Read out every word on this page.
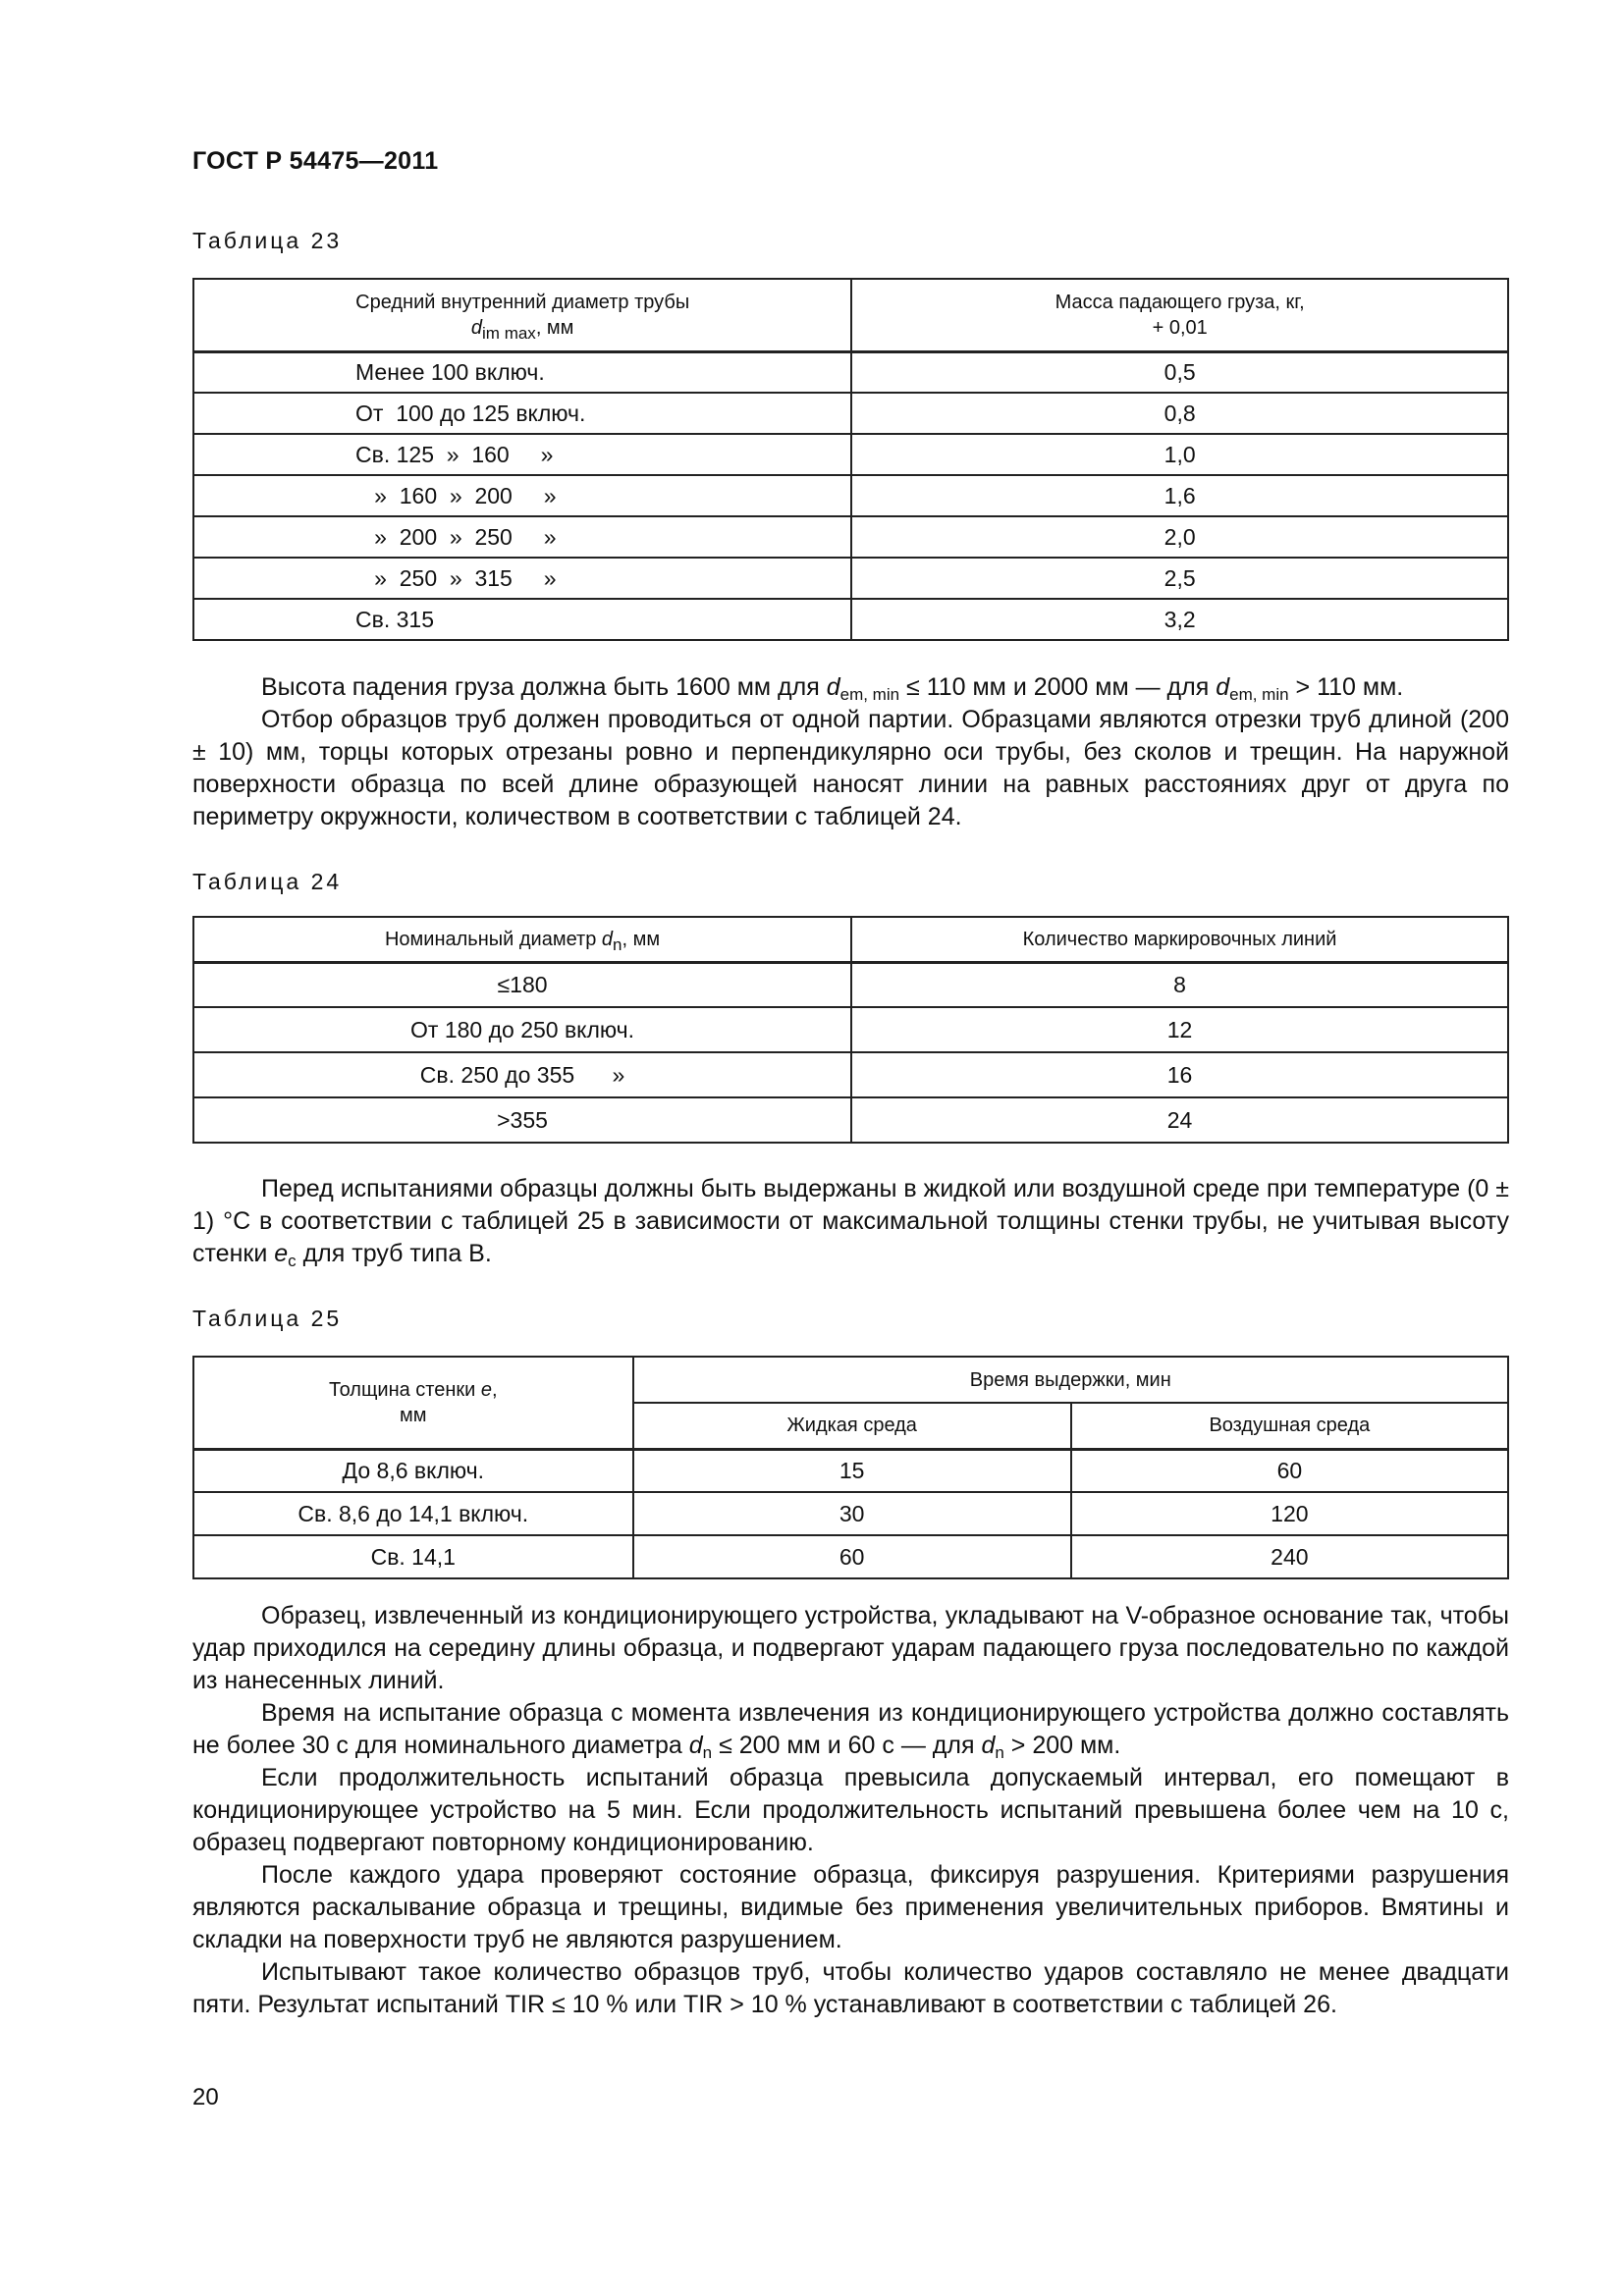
ГОСТ Р 54475—2011
Таблица 23
Средний внутренний диаметр трубы
$d_{im max}$, мм	Масса падающего груза, кг,
+ 0,01
Менее 100 включ.	0,5
От  100 до 125 включ.	0,8
Св. 125  »  160     »	1,0
»  160  »  200     »	1,6
»  200  »  250     »	2,0
»  250  »  315     »	2,5
Св. 315	3,2

Высота падения груза должна быть 1600 мм для $d_{em, min} \le 110$ мм и 2000 мм — для $d_{em, min} > 110$ мм.

Отбор образцов труб должен проводиться от одной партии. Образцами являются отрезки труб длиной (200 ± 10) мм, торцы которых отрезаны ровно и перпендикулярно оси трубы, без сколов и трещин. На наружной поверхности образца по всей длине образующей наносят линии на равных расстояниях друг от друга по периметру окружности, количеством в соответствии с таблицей 24.

Таблица 24
Номинальный диаметр $d_n$, мм	Количество маркировочных линий
≤180	8
От 180 до 250 включ.	12
Св. 250 до 355      »	16
>355	24

Перед испытаниями образцы должны быть выдержаны в жидкой или воздушной среде при температуре (0 ± 1) °С в соответствии с таблицей 25 в зависимости от максимальной толщины стенки трубы, не учитывая высоту стенки $e_c$ для труб типа В.

Таблица 25
Толщина стенки e,
мм	Время выдержки, мин	
	Жидкая среда	Воздушная среда
До 8,6 включ.	15	60
Св. 8,6 до 14,1 включ.	30	120
Св. 14,1	60	240

Образец, извлеченный из кондиционирующего устройства, укладывают на V-образное основание так, чтобы удар приходился на середину длины образца, и подвергают ударам падающего груза последовательно по каждой из нанесенных линий.

Время на испытание образца с момента извлечения из кондиционирующего устройства должно составлять не более 30 с для номинального диаметра $d_n \le 200$ мм и 60 с — для $d_n > 200$ мм.

Если продолжительность испытаний образца превысила допускаемый интервал, его помещают в кондиционирующее устройство на 5 мин. Если продолжительность испытаний превышена более чем на 10 с, образец подвергают повторному кондиционированию.

После каждого удара проверяют состояние образца, фиксируя разрушения. Критериями разрушения являются раскалывание образца и трещины, видимые без применения увеличительных приборов. Вмятины и складки на поверхности труб не являются разрушением.

Испытывают такое количество образцов труб, чтобы количество ударов составляло не менее двадцати пяти. Результат испытаний TIR ≤ 10 % или TIR > 10 % устанавливают в соответствии с таблицей 26.

20
